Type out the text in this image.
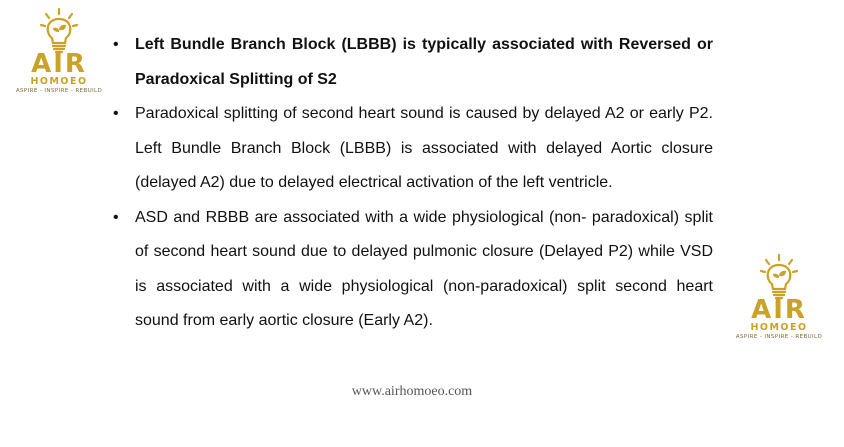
AIR
HOMOEO
ASPIRE - INSPIRE - REBUILD
• Left Bundle Branch Block (LBBB) is typically associated with Reversed or Paradoxical Splitting of S2
• Paradoxical splitting of second heart sound is caused by delayed A2 or early P2. Left Bundle Branch Block (LBBB) is associated with delayed Aortic closure (delayed A2) due to delayed electrical activation of the left ventricle.
• ASD and RBBB are associated with a wide physiological (non- paradoxical) split of second heart sound due to delayed pulmonic closure (Delayed P2) while VSD is associated with a wide physiological (non-paradoxical) split second heart sound from early aortic closure (Early A2).	AIR
HOMOEO
ASPIRE - INSPIRE - REBUILD
www.airhomoeo.com
